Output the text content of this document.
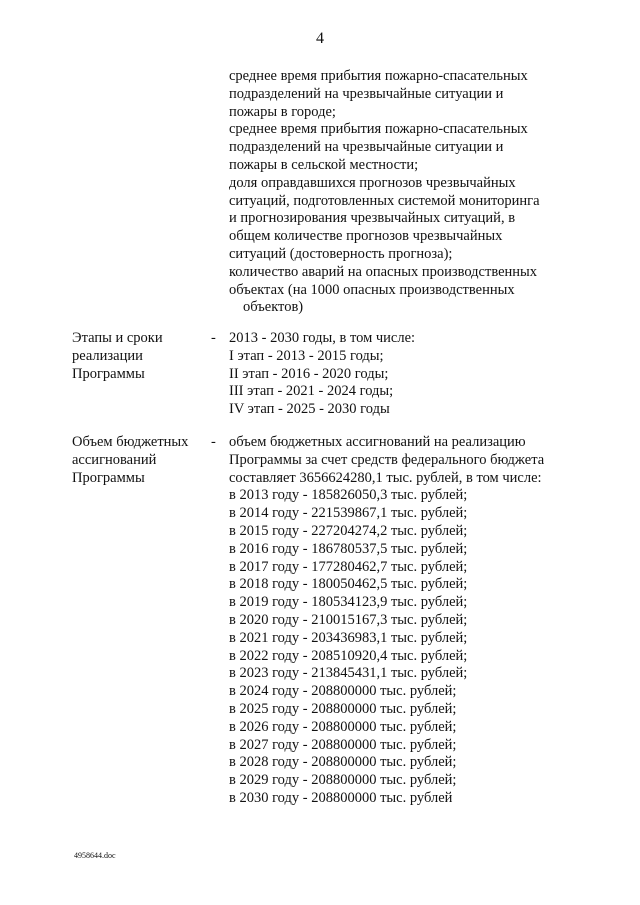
4
среднее время прибытия пожарно-спасательных
подразделений на чрезвычайные ситуации и
пожары в городе;
среднее время прибытия пожарно-спасательных
подразделений на чрезвычайные ситуации и
пожары в сельской местности;
доля оправдавшихся прогнозов чрезвычайных
ситуаций, подготовленных системой мониторинга
и прогнозирования чрезвычайных ситуаций, в
общем количестве прогнозов чрезвычайных
ситуаций (достоверность прогноза);
количество аварий на опасных производственных
объектах (на 1000 опасных производственных
объектов)
Этапы и сроки
реализации
Программы
- 2013 - 2030 годы, в том числе:
I этап - 2013 - 2015 годы;
II этап - 2016 - 2020 годы;
III этап - 2021 - 2024 годы;
IV этап - 2025 - 2030 годы
Объем бюджетных
ассигнований
Программы
- объем бюджетных ассигнований на реализацию
Программы за счет средств федерального бюджета
составляет 3656624280,1 тыс. рублей, в том числе:
в 2013 году - 185826050,3 тыс. рублей;
в 2014 году - 221539867,1 тыс. рублей;
в 2015 году - 227204274,2 тыс. рублей;
в 2016 году - 186780537,5 тыс. рублей;
в 2017 году - 177280462,7 тыс. рублей;
в 2018 году - 180050462,5 тыс. рублей;
в 2019 году - 180534123,9 тыс. рублей;
в 2020 году - 210015167,3 тыс. рублей;
в 2021 году - 203436983,1 тыс. рублей;
в 2022 году - 208510920,4 тыс. рублей;
в 2023 году - 213845431,1 тыс. рублей;
в 2024 году - 208800000 тыс. рублей;
в 2025 году - 208800000 тыс. рублей;
в 2026 году - 208800000 тыс. рублей;
в 2027 году - 208800000 тыс. рублей;
в 2028 году - 208800000 тыс. рублей;
в 2029 году - 208800000 тыс. рублей;
в 2030 году - 208800000 тыс. рублей
4958644.doc
